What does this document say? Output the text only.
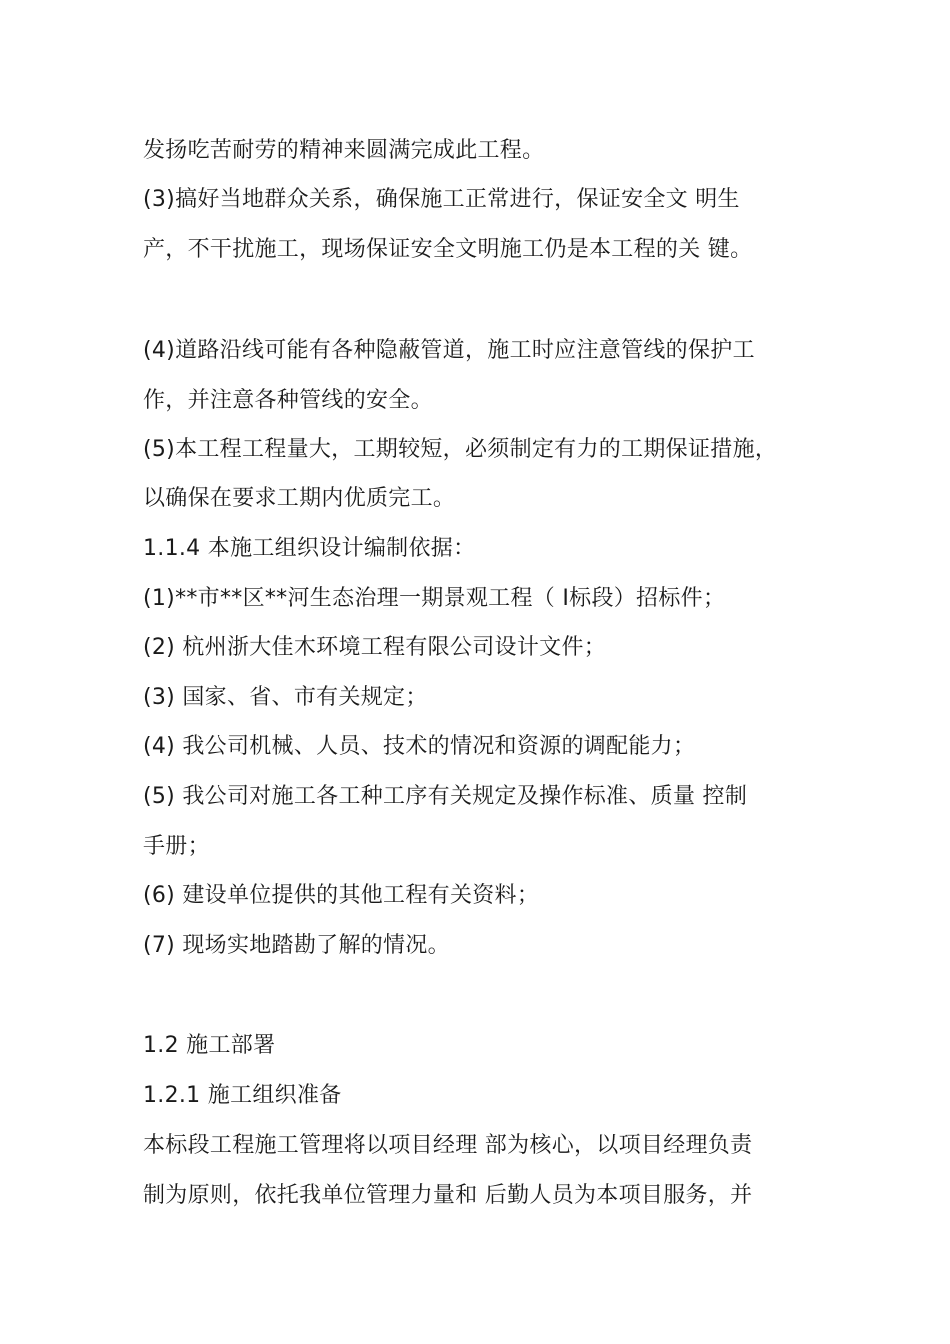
发扬吃苦耐劳的精神来圆满完成此工程。
(3)搞好当地群众关系，确保施工正常进行，保证安全文 明生
产，不干扰施工，现场保证安全文明施工仍是本工程的关 键。
(4)道路沿线可能有各种隐蔽管道，施工时应注意管线的保护工
作，并注意各种管线的安全。
(5)本工程工程量大，工期较短，必须制定有力的工期保证措施，
以确保在要求工期内优质完工。
1.1.4 本施工组织设计编制依据：
(1)**市**区**河生态治理一期景观工程（ I标段）招标件；
(2) 杭州浙大佳木环境工程有限公司设计文件；
(3) 国家、省、市有关规定；
(4) 我公司机械、人员、技术的情况和资源的调配能力；
(5) 我公司对施工各工种工序有关规定及操作标准、质量 控制
手册；
(6) 建设单位提供的其他工程有关资料；
(7) 现场实地踏勘了解的情况。
1.2 施工部署
1.2.1 施工组织准备
本标段工程施工管理将以项目经理 部为核心，以项目经理负责
制为原则，依托我单位管理力量和 后勤人员为本项目服务，并
